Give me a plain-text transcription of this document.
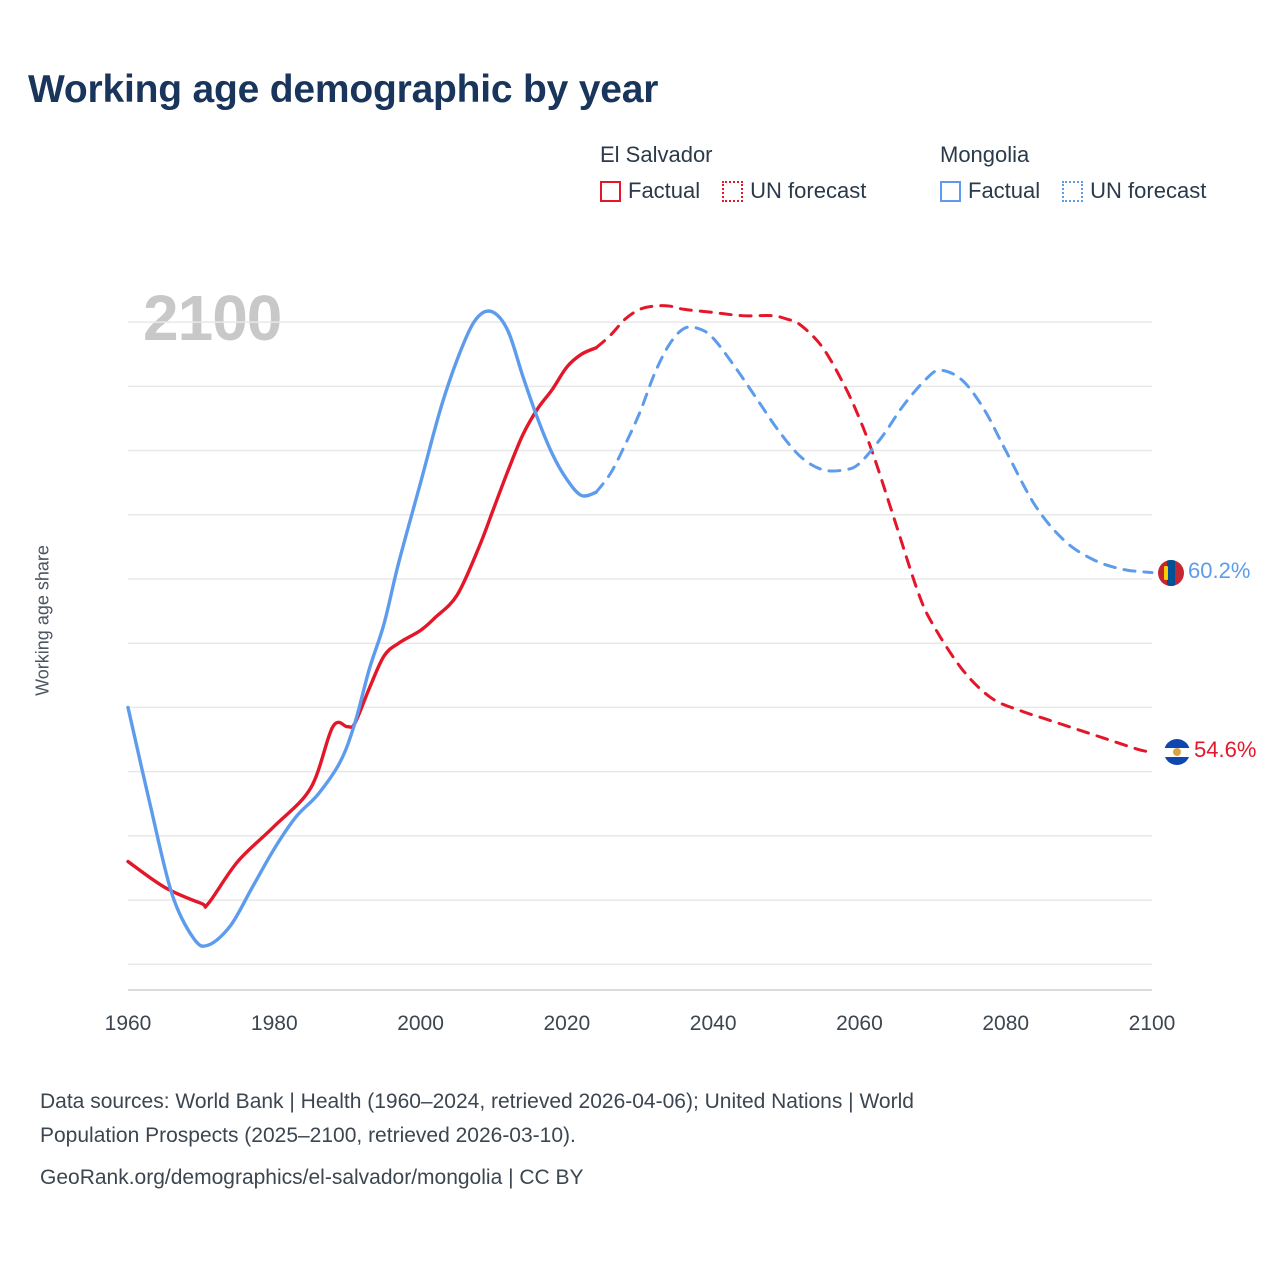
Working age demographic by year
El Salvador
Factual UN forecast
Mongolia
Factual UN forecast
2100
Working age share
1960	1980	2000	2020	2040	2060	2080	2100
60.2%
54.6%
Data sources: World Bank | Health (1960–2024, retrieved 2026-04-06); United Nations | World
Population Prospects (2025–2100, retrieved 2026-03-10).
GeoRank.org/demographics/el-salvador/mongolia | CC BY
